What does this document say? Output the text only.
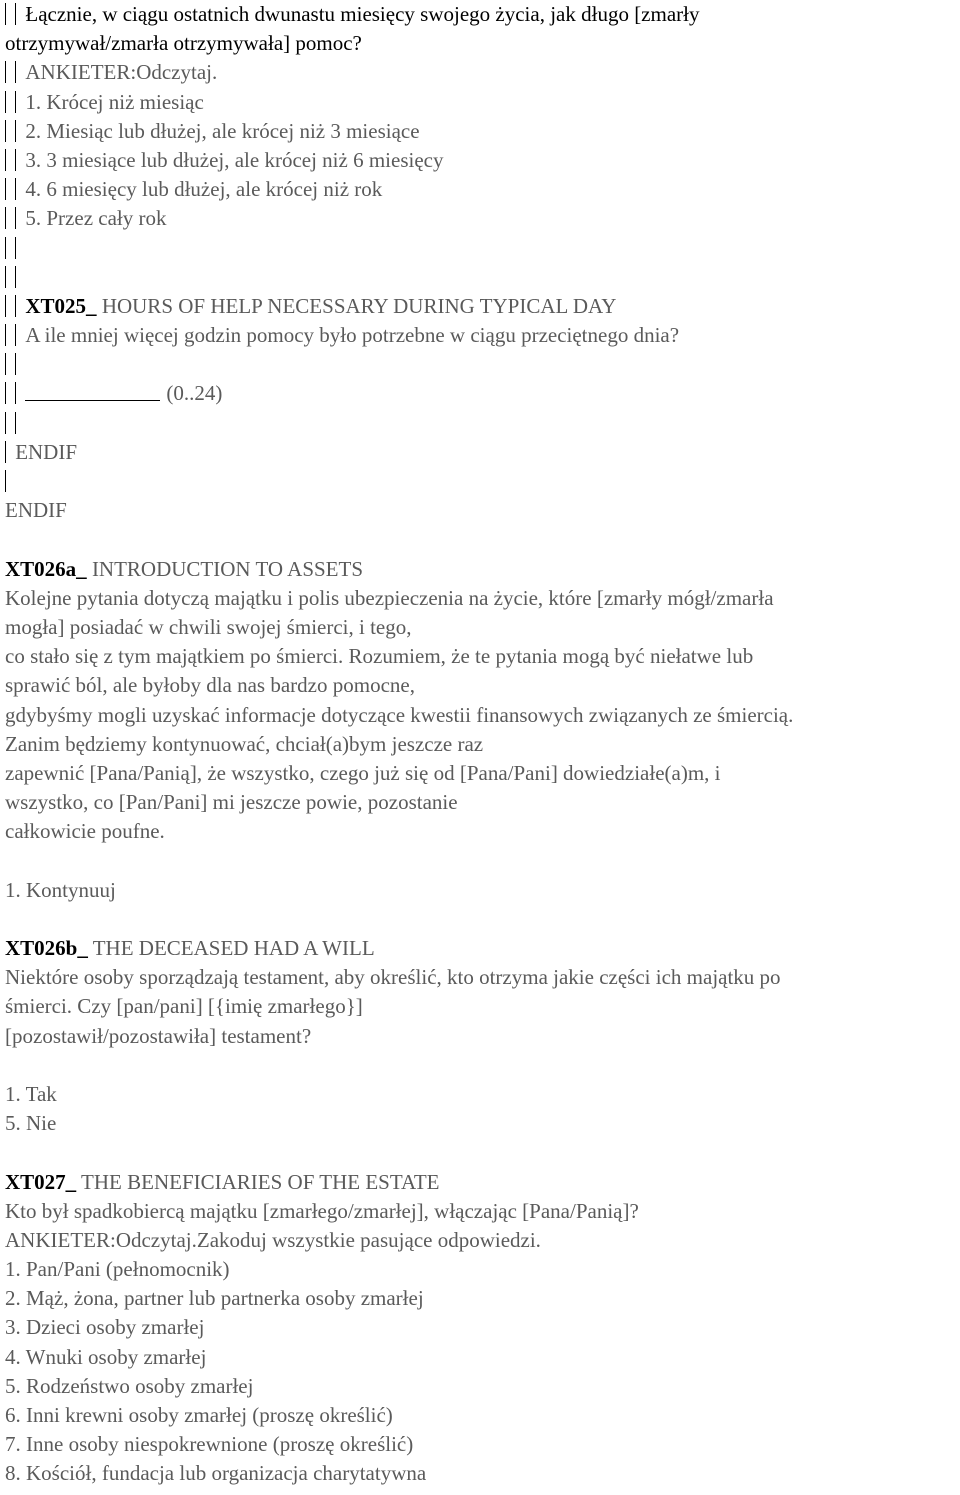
Łącznie, w ciągu ostatnich dwunastu miesięcy swojego życia, jak długo [zmarły
otrzymywał/zmarła otrzymywała] pomoc?
ANKIETER:Odczytaj.
1. Krócej niż miesiąc
2. Miesiąc lub dłużej, ale krócej niż 3 miesiące
3. 3 miesiące lub dłużej, ale krócej niż 6 miesięcy
4. 6 miesięcy lub dłużej, ale krócej niż rok
5. Przez cały rok
XT025_ HOURS OF HELP NECESSARY DURING TYPICAL DAY
A ile mniej więcej godzin pomocy było potrzebne w ciągu przeciętnego dnia?
(0..24)
ENDIF
ENDIF
XT026a_ INTRODUCTION TO ASSETS
Kolejne pytania dotyczą majątku i polis ubezpieczenia na życie, które [zmarły mógł/zmarła
mogła] posiadać w chwili swojej śmierci, i tego,
co stało się z tym majątkiem po śmierci. Rozumiem, że te pytania mogą być niełatwe lub
sprawić ból, ale byłoby dla nas bardzo pomocne,
gdybyśmy mogli uzyskać informacje dotyczące kwestii finansowych związanych ze śmiercią.
Zanim będziemy kontynuować, chciał(a)bym jeszcze raz
zapewnić [Pana/Panią], że wszystko, czego już się od [Pana/Pani] dowiedziałe(a)m, i
wszystko, co [Pan/Pani] mi jeszcze powie, pozostanie
całkowicie poufne.
1. Kontynuuj
XT026b_ THE DECEASED HAD A WILL
Niektóre osoby sporządzają testament, aby określić, kto otrzyma jakie części ich majątku po
śmierci. Czy [pan/pani] [{imię zmarłego}]
[pozostawił/pozostawiła] testament?
1. Tak
5. Nie
XT027_ THE BENEFICIARIES OF THE ESTATE
Kto był spadkobiercą majątku [zmarłego/zmarłej], włączając [Pana/Panią]?
ANKIETER:Odczytaj.Zakoduj wszystkie pasujące odpowiedzi.
1. Pan/Pani (pełnomocnik)
2. Mąż, żona, partner lub partnerka osoby zmarłej
3. Dzieci osoby zmarłej
4. Wnuki osoby zmarłej
5. Rodzeństwo osoby zmarłej
6. Inni krewni osoby zmarłej (proszę określić)
7. Inne osoby niespokrewnione (proszę określić)
8. Kościół, fundacja lub organizacja charytatywna
